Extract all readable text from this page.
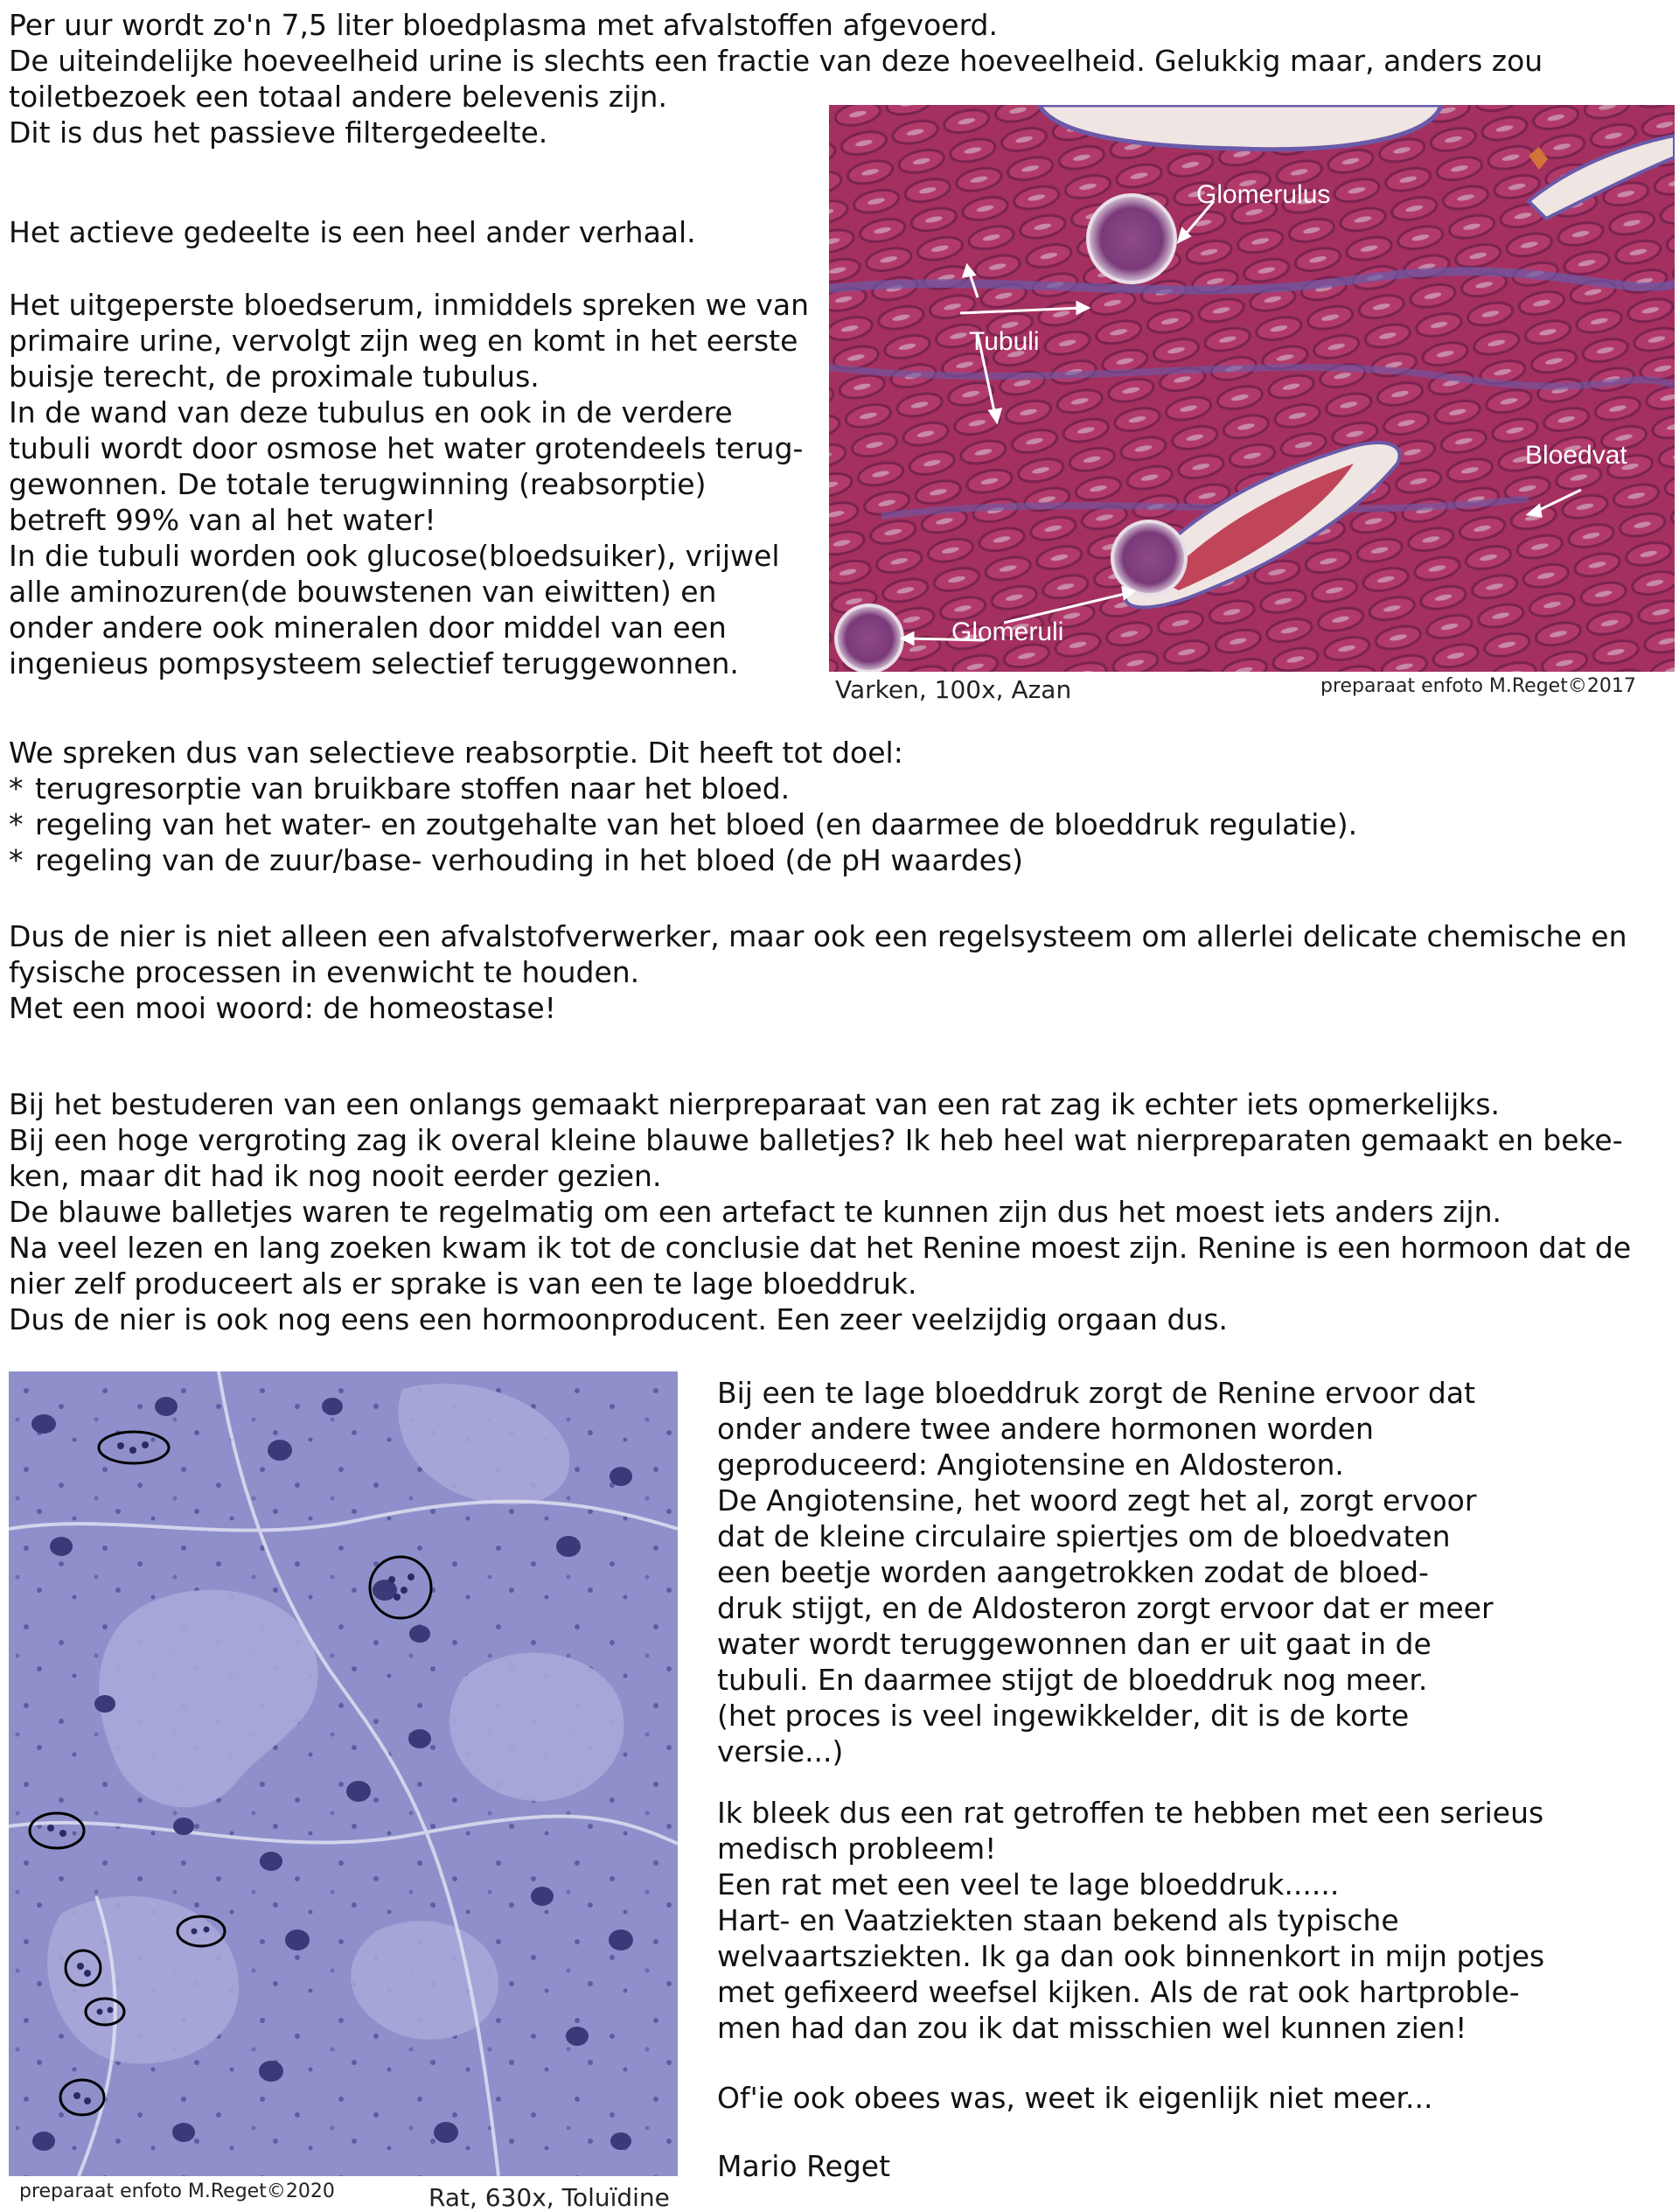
Per uur wordt zo'n 7,5 liter bloedplasma met afvalstoffen afgevoerd.

De uiteindelijke hoeveelheid urine is slechts een fractie van deze hoeveelheid. Gelukkig maar, anders zou

toiletbezoek een totaal andere belevenis zijn.

Dit is dus het passieve filtergedeelte.

Het actieve gedeelte is een heel ander verhaal.

Het uitgeperste bloedserum, inmiddels spreken we van

primaire urine, vervolgt zijn weg en komt in het eerste

buisje terecht, de proximale tubulus.

In de wand van deze tubulus en ook in de verdere

tubuli wordt door osmose het water grotendeels terug-

gewonnen. De totale terugwinning (reabsorptie)

betreft 99% van al het water!

In die tubuli worden ook glucose(bloedsuiker), vrijwel

alle aminozuren(de bouwstenen van eiwitten) en

onder andere ook mineralen door middel van een

ingenieus pompsysteem selectief teruggewonnen.

Glomerulus
Tubuli
Bloedvat
Glomeruli
Varken, 100x, Azan	preparaat enfoto M.Reget©2017

We spreken dus van selectieve reabsorptie. Dit heeft tot doel:

* terugresorptie van bruikbare stoffen naar het bloed.
* regeling van het water- en zoutgehalte van het bloed (en daarmee de bloeddruk regulatie).
* regeling van de zuur/base- verhouding in het bloed (de pH waardes)

Dus de nier is niet alleen een afvalstofverwerker, maar ook een regelsysteem om allerlei delicate chemische en

fysische processen in evenwicht te houden.

Met een mooi woord: de homeostase!

Bij het bestuderen van een onlangs gemaakt nierpreparaat van een rat zag ik echter iets opmerkelijks.

Bij een hoge vergroting zag ik overal kleine blauwe balletjes? Ik heb heel wat nierpreparaten gemaakt en beke-

ken, maar dit had ik nog nooit eerder gezien.

De blauwe balletjes waren te regelmatig om een artefact te kunnen zijn dus het moest iets anders zijn.

Na veel lezen en lang zoeken kwam ik tot de conclusie dat het Renine moest zijn. Renine is een hormoon dat de

nier zelf produceert als er sprake is van een te lage bloeddruk.

Dus de nier is ook nog eens een hormoonproducent. Een zeer veelzijdig orgaan dus.

preparaat enfoto M.Reget©2020	Rat, 630x, Toluïdine

Bij een te lage bloeddruk zorgt de Renine ervoor dat

onder andere twee andere hormonen worden

geproduceerd: Angiotensine en Aldosteron.

De Angiotensine, het woord zegt het al, zorgt ervoor

dat de kleine circulaire spiertjes om de bloedvaten

een beetje worden aangetrokken zodat de bloed-

druk stijgt, en de Aldosteron zorgt ervoor dat er meer

water wordt teruggewonnen dan er uit gaat in de

tubuli. En daarmee stijgt de bloeddruk nog meer.

(het proces is veel ingewikkelder, dit is de korte

versie...)

Ik bleek dus een rat getroffen te hebben met een serieus

medisch probleem!

Een rat met een veel te lage bloeddruk......

Hart- en Vaatziekten staan bekend als typische

welvaartsziekten. Ik ga dan ook binnenkort in mijn potjes

met gefixeerd weefsel kijken. Als de rat ook hartproble-

men had dan zou ik dat misschien wel kunnen zien!

Of'ie ook obees was, weet ik eigenlijk niet meer...

Mario Reget
